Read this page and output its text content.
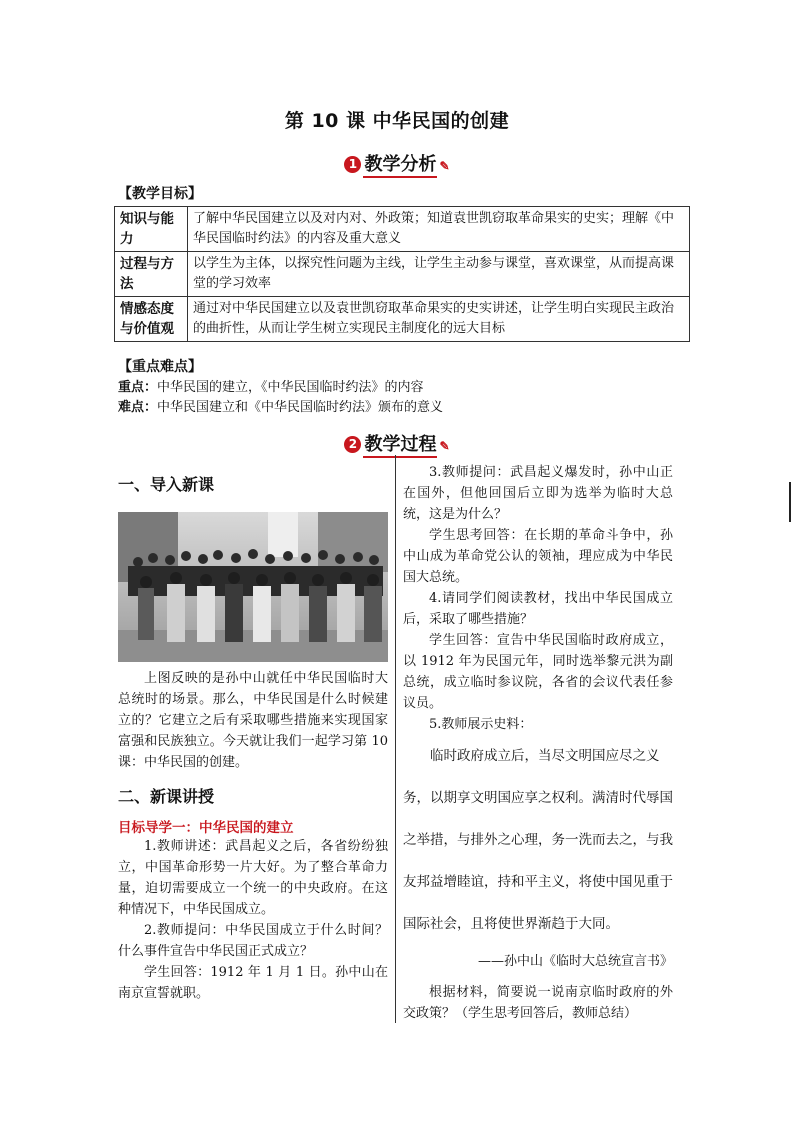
第 10 课 中华民国的创建
1 教学分析 ✎
【教学目标】
知识与能力	了解中华民国建立以及对内对、外政策；知道袁世凯窃取革命果实的史实；理解《中华民国临时约法》的内容及重大意义
过程与方法	以学生为主体，以探究性问题为主线，让学生主动参与课堂，喜欢课堂，从而提高课堂的学习效率
情感态度与价值观	通过对中华民国建立以及袁世凯窃取革命果实的史实讲述，让学生明白实现民主政治的曲折性，从而让学生树立实现民主制度化的远大目标
【重点难点】
重点：中华民国的建立，《中华民国临时约法》的内容
难点：中华民国建立和《中华民国临时约法》颁布的意义
2 教学过程 ✎
一、导入新课

上图反映的是孙中山就任中华民国临时大总统时的场景。那么，中华民国是什么时候建立的？它建立之后有采取哪些措施来实现国家富强和民族独立。今天就让我们一起学习第 10 课：中华民国的创建。

二、新课讲授
目标导学一：中华民国的建立

1.教师讲述：武昌起义之后，各省纷纷独立，中国革命形势一片大好。为了整合革命力量，迫切需要成立一个统一的中央政府。在这种情况下，中华民国成立。

2.教师提问：中华民国成立于什么时间？什么事件宣告中华民国正式成立？

学生回答：1912 年 1 月 1 日。孙中山在南京宣誓就职。

3.教师提问：武昌起义爆发时，孙中山正在国外，但他回国后立即为选举为临时大总统，这是为什么？

学生思考回答：在长期的革命斗争中，孙中山成为革命党公认的领袖，理应成为中华民国大总统。

4.请同学们阅读教材，找出中华民国成立后，采取了哪些措施？

学生回答：宣告中华民国临时政府成立，以 1912 年为民国元年，同时选举黎元洪为副总统，成立临时参议院，各省的会议代表任参议员。

5.教师展示史料：

临时政府成立后，当尽文明国应尽之义务，以期享文明国应享之权利。满清时代辱国之举措，与排外之心理，务一洗而去之，与我友邦益增睦谊，持和平主义，将使中国见重于国际社会，且将使世界渐趋于大同。

——孙中山《临时大总统宣言书》

根据材料，简要说一说南京临时政府的外交政策？（学生思考回答后，教师总结）
